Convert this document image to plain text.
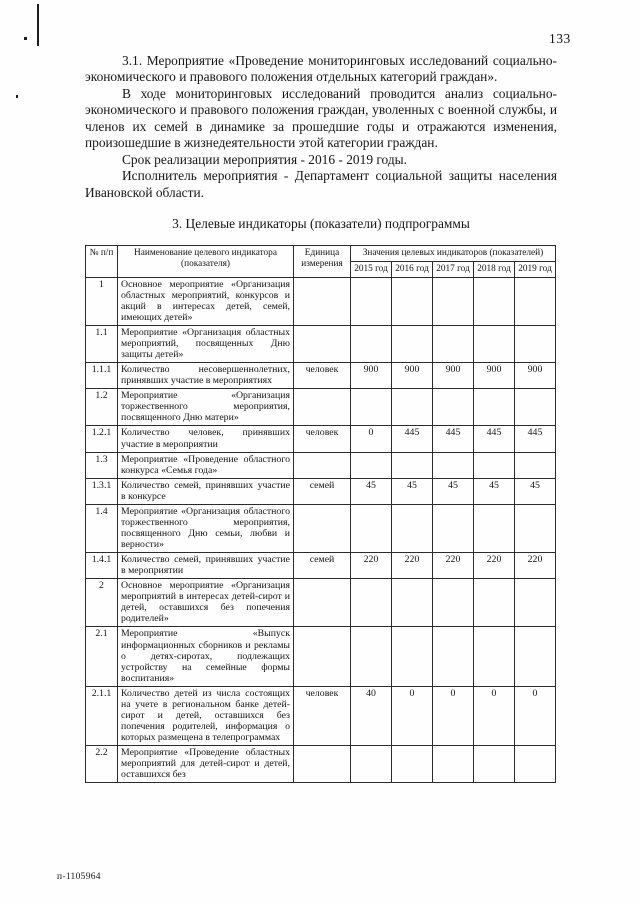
133

3.1. Мероприятие «Проведение мониторинговых исследований социально-экономического и правового положения отдельных категорий граждан».

В ходе мониторинговых исследований проводится анализ социально-экономического и правового положения граждан, уволенных с военной службы, и членов их семей в динамике за прошедшие годы и отражаются изменения, произошедшие в жизнедеятельности этой категории граждан.

Срок реализации мероприятия - 2016 - 2019 годы.

Исполнитель мероприятия - Департамент социальной защиты населения Ивановской области.

3. Целевые индикаторы (показатели) подпрограммы
№ п/п	Наименование целевого индикатора (показателя)	Единица измерения	Значения целевых индикаторов (показателей)				
			2015 год	2016 год	2017 год	2018 год	2019 год
1	Основное мероприятие «Организация областных мероприятий, конкурсов и акций в интересах детей, семей, имеющих детей»						
1.1	Мероприятие «Организация областных мероприятий, посвященных Дню защиты детей»						
1.1.1	Количество несовершеннолетних, принявших участие в мероприятиях	человек	900	900	900	900	900
1.2	Мероприятие «Организация торжественного мероприятия, посвященного Дню матери»						
1.2.1	Количество человек, принявших участие в мероприятии	человек	0	445	445	445	445
1.3	Мероприятие «Проведение областного конкурса «Семья года»						
1.3.1	Количество семей, принявших участие в конкурсе	семей	45	45	45	45	45
1.4	Мероприятие «Организация областного торжественного мероприятия, посвященного Дню семьи, любви и верности»						
1.4.1	Количество семей, принявших участие в мероприятии	семей	220	220	220	220	220
2	Основное мероприятие «Организация мероприятий в интересах детей-сирот и детей, оставшихся без попечения родителей»						
2.1	Мероприятие «Выпуск информационных сборников и рекламы о детях-сиротах, подлежащих устройству на семейные формы воспитания»						
2.1.1	Количество детей из числа состоящих на учете в региональном банке детей-сирот и детей, оставшихся без попечения родителей, информация о которых размещена в телепрограммах	человек	40	0	0	0	0
2.2	Мероприятие «Проведение областных мероприятий для детей-сирот и детей, оставшихся без						
п-1105964
